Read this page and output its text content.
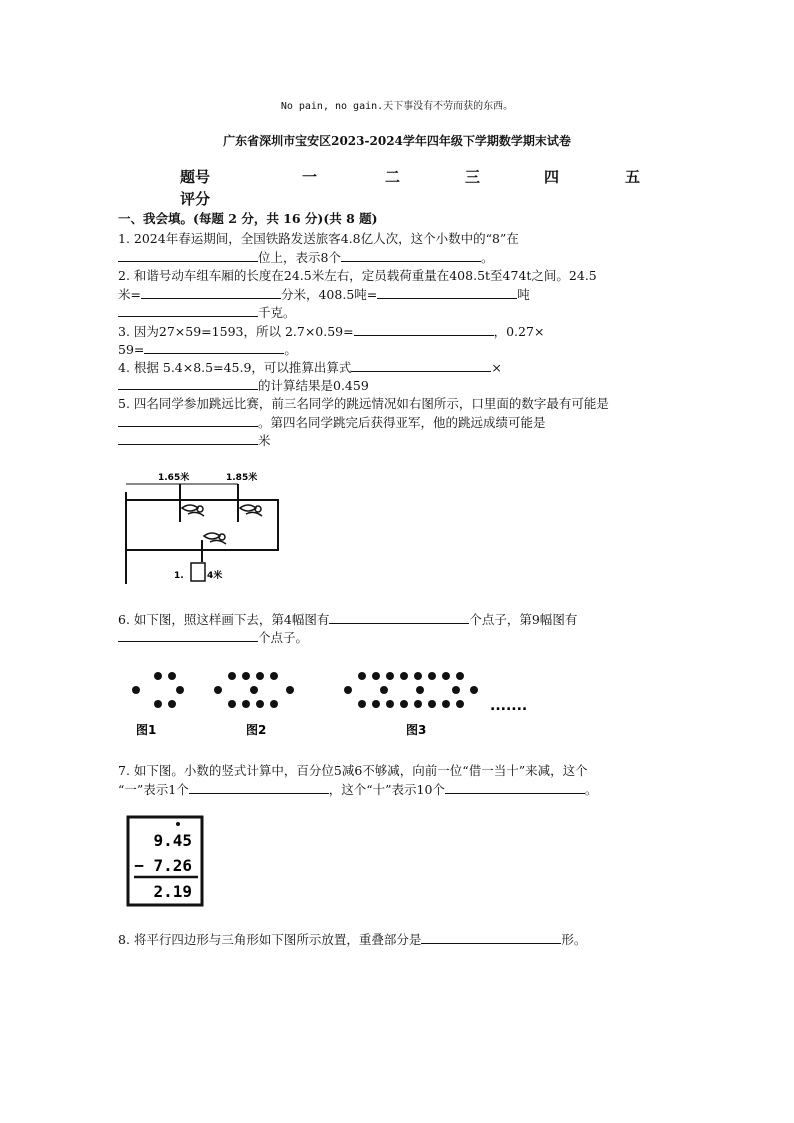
No pain, no gain.天下事没有不劳而获的东西。
广东省深圳市宝安区2023-2024学年四年级下学期数学期末试卷
题号	一	二	三	四	五
评分
一、我会填。(每题 2 分，共 16 分)(共 8 题)
1. 2024年春运期间，全国铁路发送旅客4.8亿人次，这个小数中的“8”在
位上，表示8个	。
2. 和谐号动车组车厢的长度在24.5米左右，定员载荷重量在408.5t至474t之间。24.5
米=	分米，408.5吨=	吨
千克。
3. 因为27×59=1593，所以 2.7×0.59=	，0.27×
59=	。
4. 根据 5.4×8.5=45.9，可以推算出算式	×
的计算结果是0.459
5. 四名同学参加跳远比赛，前三名同学的跳远情况如右图所示，口里面的数字最有可能是
。第四名同学跳完后获得亚军，他的跳远成绩可能是
米
1.65米	1.85米
1.	4米
6. 如下图，照这样画下去，第4幅图有	个点子，第9幅图有
个点子。
.......
图1	图2	图3
7. 如下图。小数的竖式计算中，百分位5减6不够减，向前一位“借一当十”来减，这个
“一”表示1个	，这个“十”表示10个	。
9.45
− 7.26
2.19
8. 将平行四边形与三角形如下图所示放置，重叠部分是	形。
